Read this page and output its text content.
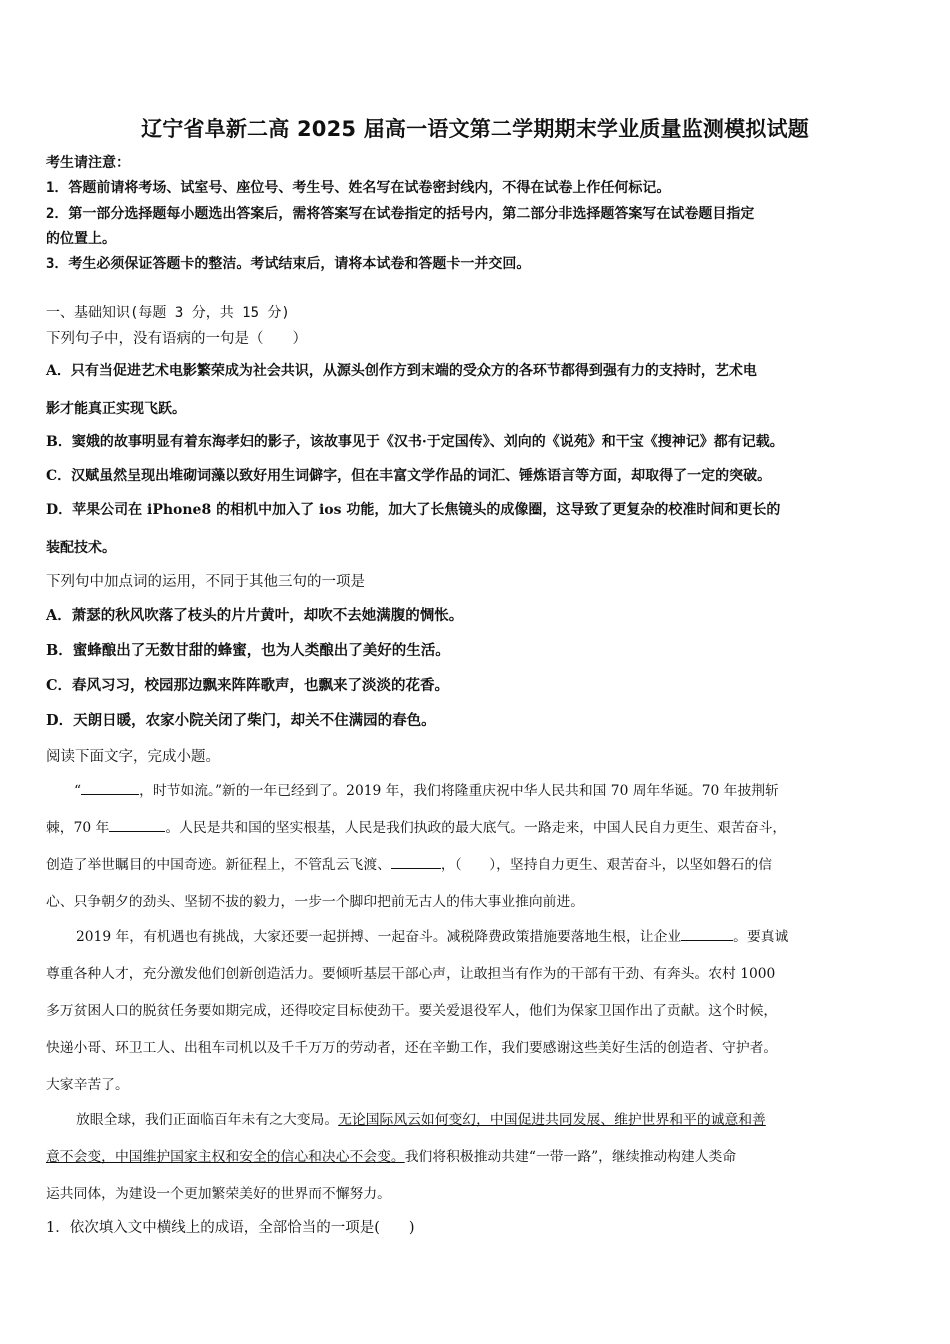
辽宁省阜新二高 2025 届高一语文第二学期期末学业质量监测模拟试题
考生请注意：
1．答题前请将考场、试室号、座位号、考生号、姓名写在试卷密封线内，不得在试卷上作任何标记。
2．第一部分选择题每小题选出答案后，需将答案写在试卷指定的括号内，第二部分非选择题答案写在试卷题目指定
的位置上。
3．考生必须保证答题卡的整洁。考试结束后，请将本试卷和答题卡一并交回。
一、基础知识(每题 3 分，共 15 分)
下列句子中，没有语病的一句是（　　）
A．只有当促进艺术电影繁荣成为社会共识，从源头创作方到末端的受众方的各环节都得到强有力的支持时，艺术电
影才能真正实现飞跃。
B．窦娥的故事明显有着东海孝妇的影子，该故事见于《汉书·于定国传》、刘向的《说苑》和干宝《搜神记》都有记载。
C．汉赋虽然呈现出堆砌词藻以致好用生词僻字，但在丰富文学作品的词汇、锤炼语言等方面，却取得了一定的突破。
D．苹果公司在 iPhone8 的相机中加入了 ios 功能，加大了长焦镜头的成像圈，这导致了更复杂的校准时间和更长的
装配技术。
下列句中加点词的运用，不同于其他三句的一项是
A．萧瑟的秋风吹落了枝头的片片黄叶，却吹不去她满腹的惆怅。
B．蜜蜂酿出了无数甘甜的蜂蜜，也为人类酿出了美好的生活。
C．春风习习，校园那边飘来阵阵歌声，也飘来了淡淡的花香。
D．天朗日暖，农家小院关闭了柴门，却关不住满园的春色。
阅读下面文字，完成小题。
“	，时节如流。”新的一年已经到了。2019 年，我们将隆重庆祝中华人民共和国 70 周年华诞。70 年披荆斩
棘，70 年	。人民是共和国的坚实根基，人民是我们执政的最大底气。一路走来，中国人民自力更生、艰苦奋斗，
创造了举世瞩目的中国奇迹。新征程上，不管乱云飞渡、	，（　　），坚持自力更生、艰苦奋斗，以坚如磐石的信
心、只争朝夕的劲头、坚韧不拔的毅力，一步一个脚印把前无古人的伟大事业推向前进。
2019 年，有机遇也有挑战，大家还要一起拼搏、一起奋斗。减税降费政策措施要落地生根，让企业	。要真诚
尊重各种人才，充分激发他们创新创造活力。要倾听基层干部心声，让敢担当有作为的干部有干劲、有奔头。农村 1000
多万贫困人口的脱贫任务要如期完成，还得咬定目标使劲干。要关爱退役军人，他们为保家卫国作出了贡献。这个时候，
快递小哥、环卫工人、出租车司机以及千千万万的劳动者，还在辛勤工作，我们要感谢这些美好生活的创造者、守护者。
大家辛苦了。
放眼全球，我们正面临百年未有之大变局。无论国际风云如何变幻，中国促进共同发展、维护世界和平的诚意和善
意不会变，中国维护国家主权和安全的信心和决心不会变。我们将积极推动共建“一带一路”，继续推动构建人类命
运共同体，为建设一个更加繁荣美好的世界而不懈努力。
1．依次填入文中横线上的成语，全部恰当的一项是(　　)
